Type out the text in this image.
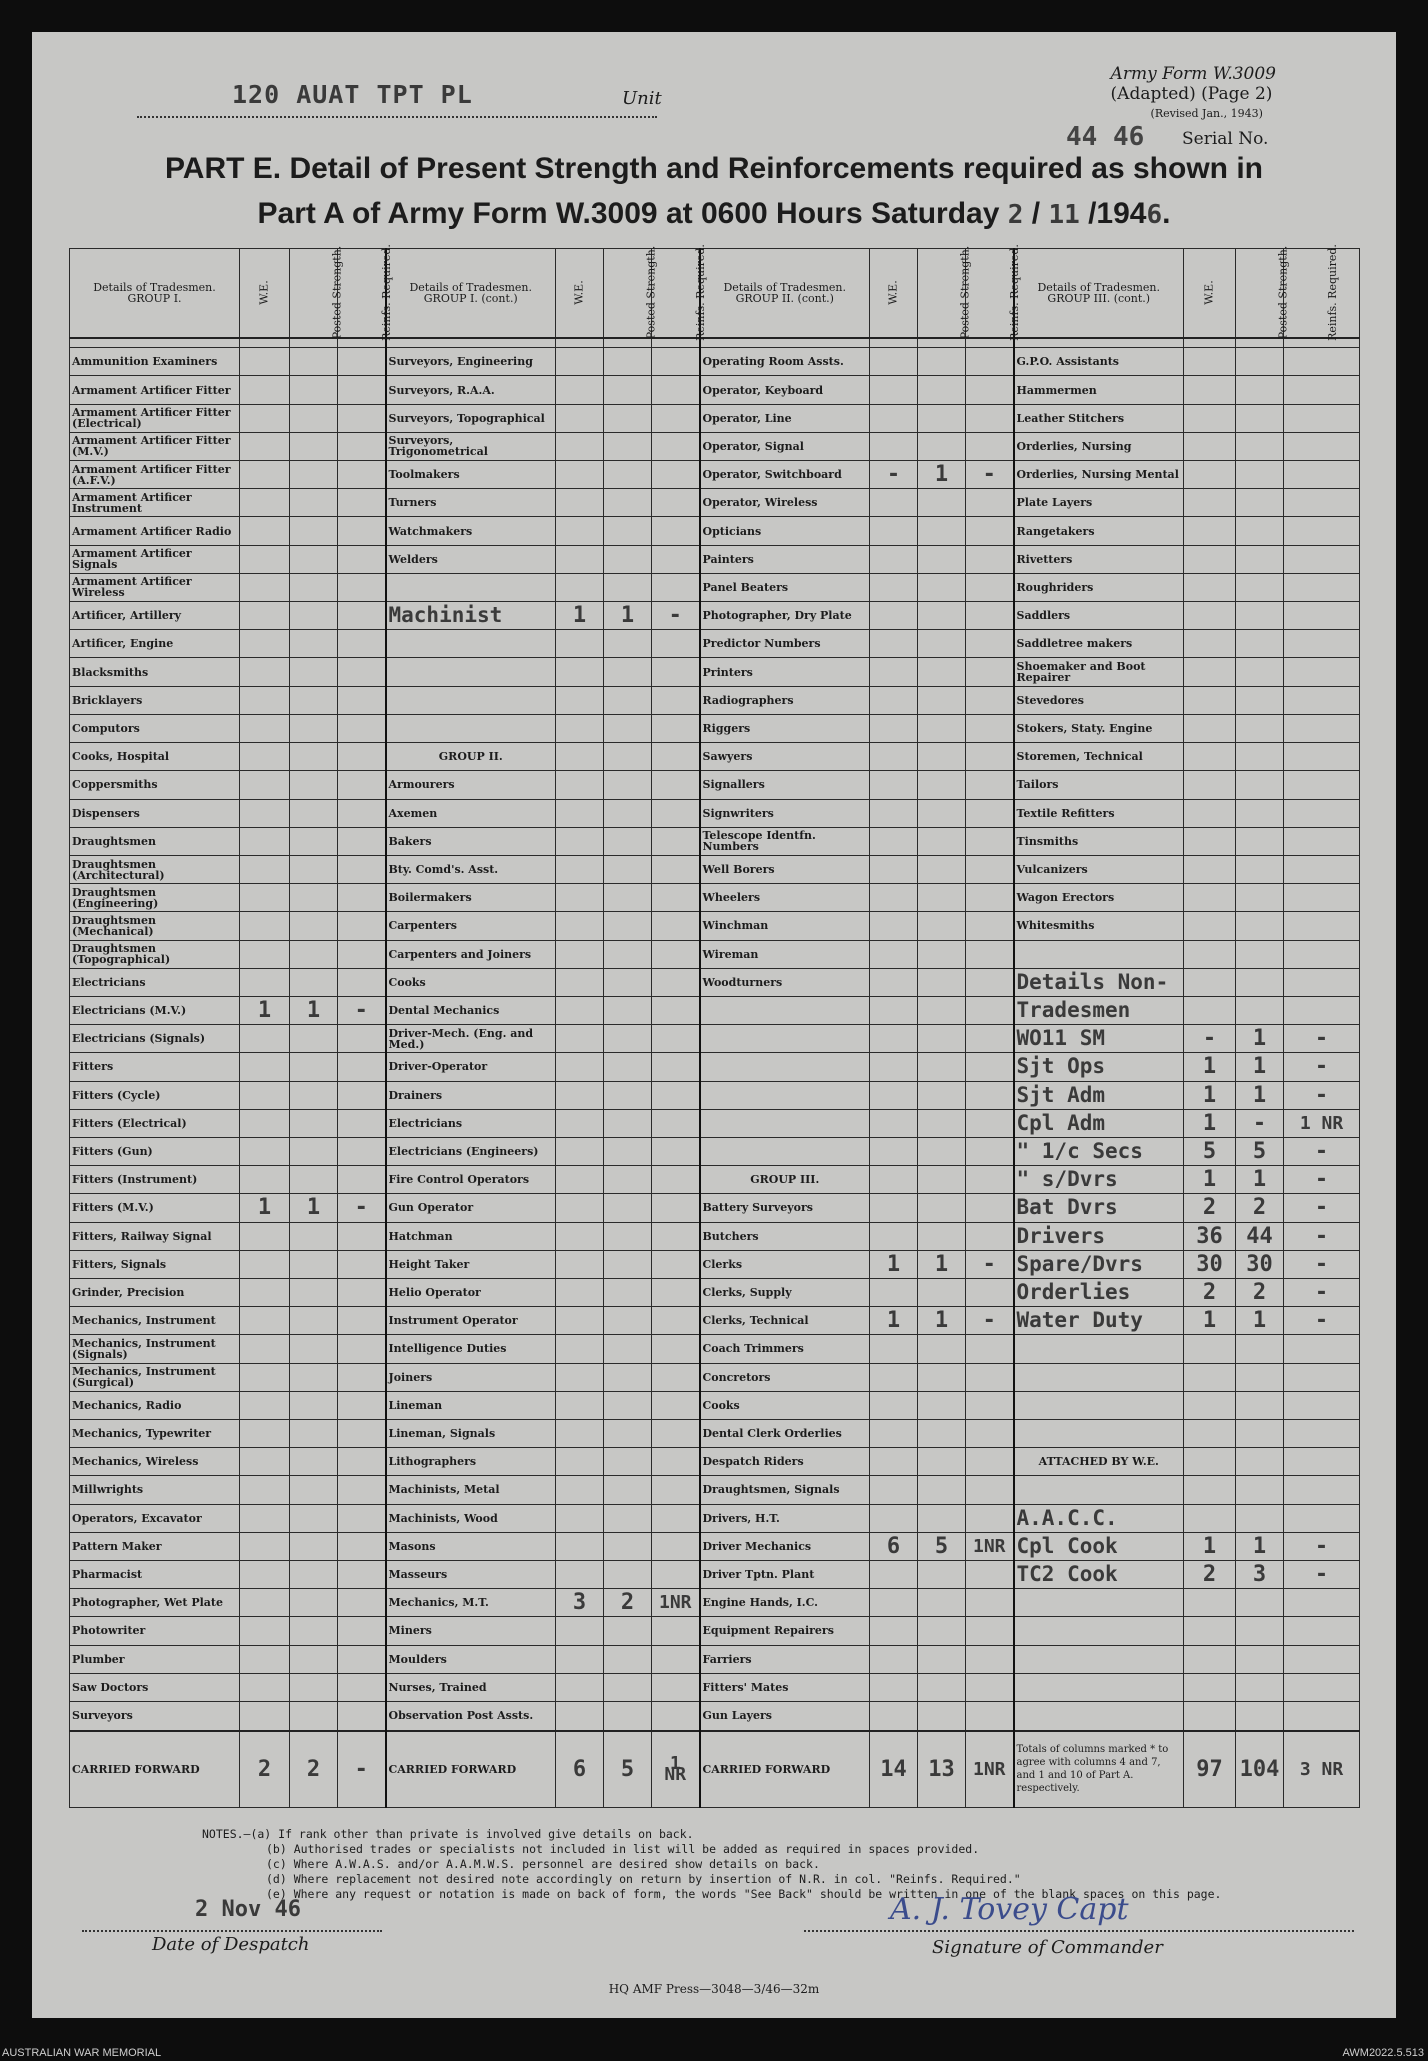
120 AUAT TPT PL	Unit
Army Form W.3009
(Adapted) (Page 2)
(Revised Jan., 1943)
44 46 Serial No.
PART E. Detail of Present Strength and Reinforcements required as shown in
Part A of Army Form W.3009 at 0600 Hours Saturday 2 / 11 /1946.
Details of Tradesmen. GROUP I.	W.E.	Posted Strength.	Reinfs. Required.	Details of Tradesmen. GROUP I. (cont.)	W.E.	Posted Strength.	Reinfs. Required.	Details of Tradesmen. GROUP II. (cont.)	W.E.	Posted Strength.	Reinfs. Required.	Details of Tradesmen. GROUP III. (cont.)	W.E.	Posted Strength.	Reinfs. Required.

Ammunition Examiners				Surveyors, Engineering				Operating Room Assts.				G.P.O. Assistants			
Armament Artificer Fitter				Surveyors, R.A.A.				Operator, Keyboard				Hammermen			
Armament Artificer Fitter (Electrical)				Surveyors, Topographical				Operator, Line				Leather Stitchers			
Armament Artificer Fitter (M.V.)				Surveyors, Trigonometrical				Operator, Signal				Orderlies, Nursing			
Armament Artificer Fitter (A.F.V.)				Toolmakers				Operator, Switchboard	-	1	-	Orderlies, Nursing Mental			
Armament Artificer Instrument				Turners				Operator, Wireless				Plate Layers			
Armament Artificer Radio				Watchmakers				Opticians				Rangetakers			
Armament Artificer Signals				Welders				Painters				Rivetters			
Armament Artificer Wireless								Panel Beaters				Roughriders			
Artificer, Artillery				Machinist	1	1	-	Photographer, Dry Plate				Saddlers			
Artificer, Engine								Predictor Numbers				Saddletree makers			
Blacksmiths								Printers				Shoemaker and Boot Repairer			
Bricklayers								Radiographers				Stevedores			
Computors								Riggers				Stokers, Staty. Engine			
Cooks, Hospital				GROUP II.				Sawyers				Storemen, Technical			
Coppersmiths				Armourers				Signallers				Tailors			
Dispensers				Axemen				Signwriters				Textile Refitters			
Draughtsmen				Bakers				Telescope Identfn. Numbers				Tinsmiths			
Draughtsmen (Architectural)				Bty. Comd's. Asst.				Well Borers				Vulcanizers			
Draughtsmen (Engineering)				Boilermakers				Wheelers				Wagon Erectors			
Draughtsmen (Mechanical)				Carpenters				Winchman				Whitesmiths			
Draughtsmen (Topographical)				Carpenters and Joiners				Wireman							
Electricians				Cooks				Woodturners				Details Non-			
Electricians (M.V.)	1	1	-	Dental Mechanics								Tradesmen			
Electricians (Signals)				Driver-Mech. (Eng. and Med.)								WO11 SM	-	1	-
Fitters				Driver-Operator								Sjt Ops	1	1	-
Fitters (Cycle)				Drainers								Sjt Adm	1	1	-
Fitters (Electrical)				Electricians								Cpl Adm	1	-	1 NR
Fitters (Gun)				Electricians (Engineers)								" 1/c Secs	5	5	-
Fitters (Instrument)				Fire Control Operators				GROUP III.				" s/Dvrs	1	1	-
Fitters (M.V.)	1	1	-	Gun Operator				Battery Surveyors				Bat Dvrs	2	2	-
Fitters, Railway Signal				Hatchman				Butchers				Drivers	36	44	-
Fitters, Signals				Height Taker				Clerks	1	1	-	Spare/Dvrs	30	30	-
Grinder, Precision				Helio Operator				Clerks, Supply				Orderlies	2	2	-
Mechanics, Instrument				Instrument Operator				Clerks, Technical	1	1	-	Water Duty	1	1	-
Mechanics, Instrument (Signals)				Intelligence Duties				Coach Trimmers							
Mechanics, Instrument (Surgical)				Joiners				Concretors							
Mechanics, Radio				Lineman				Cooks							
Mechanics, Typewriter				Lineman, Signals				Dental Clerk Orderlies							
Mechanics, Wireless				Lithographers				Despatch Riders				ATTACHED BY W.E.			
Millwrights				Machinists, Metal				Draughtsmen, Signals							
Operators, Excavator				Machinists, Wood				Drivers, H.T.				A.A.C.C.			
Pattern Maker				Masons				Driver Mechanics	6	5	1NR	Cpl Cook	1	1	-
Pharmacist				Masseurs				Driver Tptn. Plant				TC2 Cook	2	3	-
Photographer, Wet Plate				Mechanics, M.T.	3	2	1NR	Engine Hands, I.C.							
Photowriter				Miners				Equipment Repairers							
Plumber				Moulders				Farriers							
Saw Doctors				Nurses, Trained				Fitters' Mates							
Surveyors				Observation Post Assts.				Gun Layers							
CARRIED FORWARD	2	2	-	CARRIED FORWARD	6	5	1 NR	CARRIED FORWARD	14	13	1NR	Totals of columns marked * to agree with columns 4 and 7, and 1 and 10 of Part A. respectively.	97	104	3 NR
NOTES.—(a) If rank other than private is involved give details on back.
(b) Authorised trades or specialists not included in list will be added as required in spaces provided.
(c) Where A.W.A.S. and/or A.A.M.W.S. personnel are desired show details on back.
(d) Where replacement not desired note accordingly on return by insertion of N.R. in col. "Reinfs. Required."
(e) Where any request or notation is made on back of form, the words "See Back" should be written in one of the blank spaces on this page.
2 Nov 46
Date of Despatch
A. J. Tovey Capt
Signature of Commander
HQ AMF Press—3048—3/46—32m
AUSTRALIAN WAR MEMORIAL	AWM2022.5.513
